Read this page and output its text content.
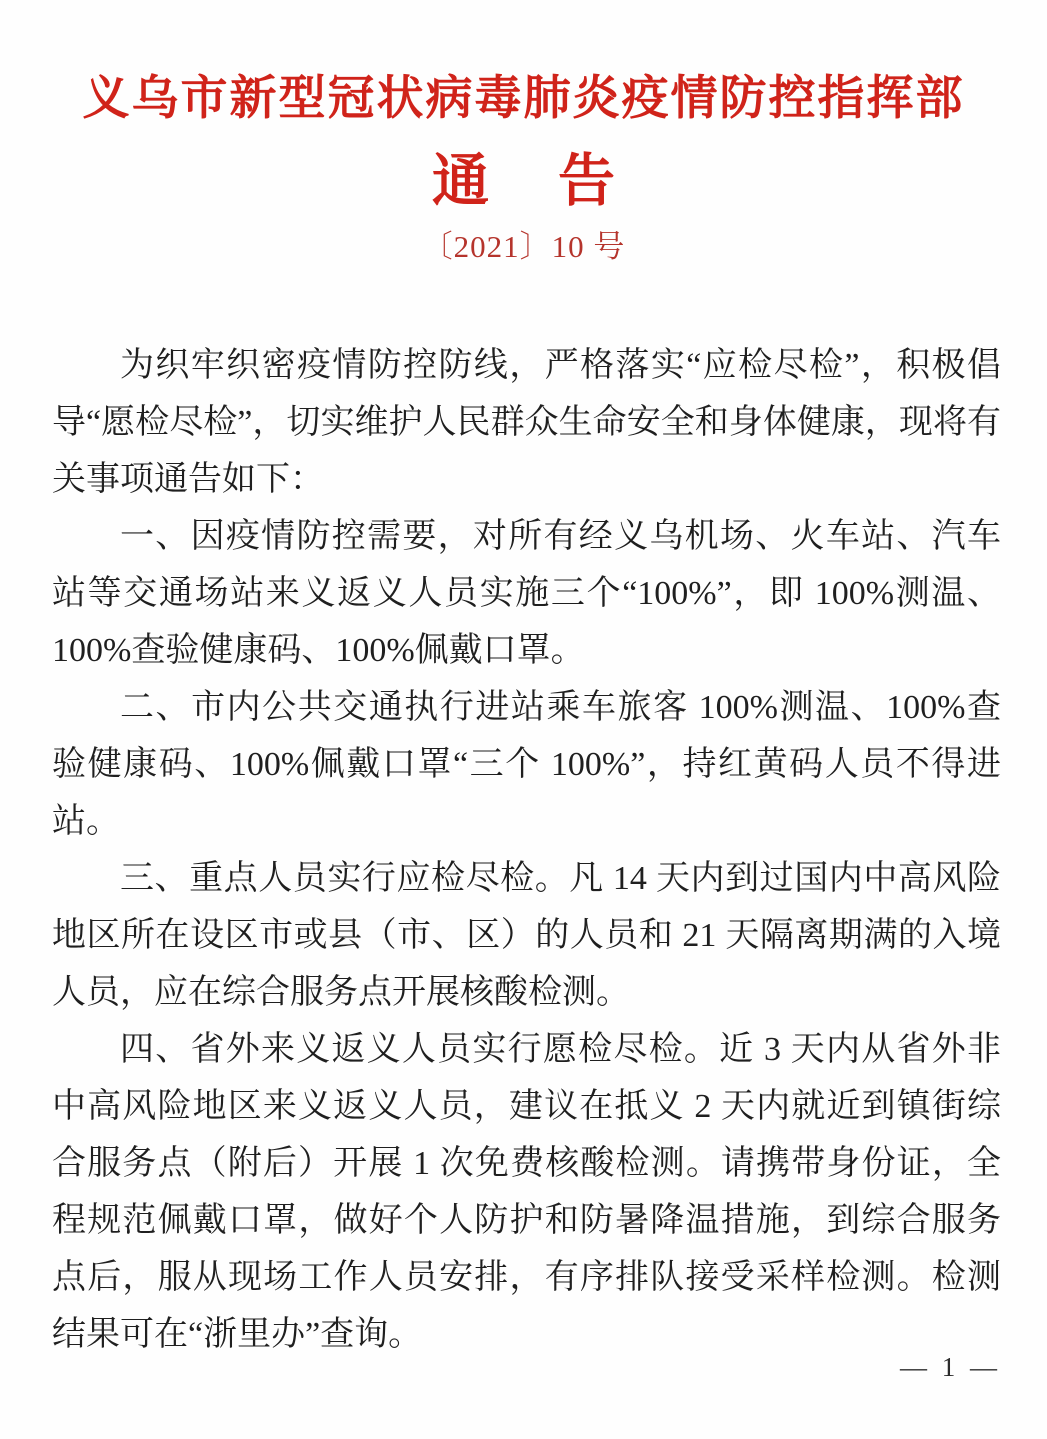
义乌市新型冠状病毒肺炎疫情防控指挥部
通　告
〔2021〕10 号

为织牢织密疫情防控防线，严格落实“应检尽检”，积极倡导“愿检尽检”，切实维护人民群众生命安全和身体健康，现将有关事项通告如下：

一、因疫情防控需要，对所有经义乌机场、火车站、汽车站等交通场站来义返义人员实施三个“100%”，即 100%测温、100%查验健康码、100%佩戴口罩。

二、市内公共交通执行进站乘车旅客 100%测温、100%查验健康码、100%佩戴口罩“三个 100%”，持红黄码人员不得进站。

三、重点人员实行应检尽检。凡 14 天内到过国内中高风险地区所在设区市或县（市、区）的人员和 21 天隔离期满的入境人员，应在综合服务点开展核酸检测。

四、省外来义返义人员实行愿检尽检。近 3 天内从省外非中高风险地区来义返义人员，建议在抵义 2 天内就近到镇街综合服务点（附后）开展 1 次免费核酸检测。请携带身份证，全程规范佩戴口罩，做好个人防护和防暑降温措施，到综合服务点后，服从现场工作人员安排，有序排队接受采样检测。检测结果可在“浙里办”查询。

— 1 —
